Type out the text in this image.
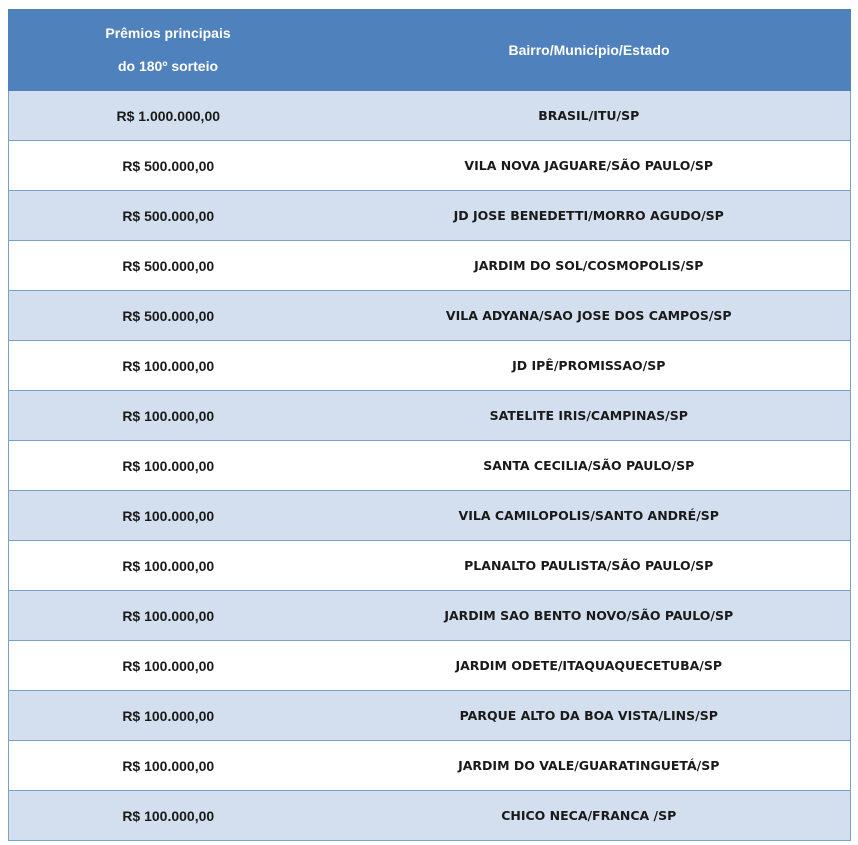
Prêmios principais
do 180º sorteio	Bairro/Município/Estado
R$ 1.000.000,00	BRASIL/ITU/SP
R$ 500.000,00	VILA NOVA JAGUARE/SÃO PAULO/SP
R$ 500.000,00	JD JOSE BENEDETTI/MORRO AGUDO/SP
R$ 500.000,00	JARDIM DO SOL/COSMOPOLIS/SP
R$ 500.000,00	VILA ADYANA/SAO JOSE DOS CAMPOS/SP
R$ 100.000,00	JD IPÊ/PROMISSAO/SP
R$ 100.000,00	SATELITE IRIS/CAMPINAS/SP
R$ 100.000,00	SANTA CECILIA/SÃO PAULO/SP
R$ 100.000,00	VILA CAMILOPOLIS/SANTO ANDRÉ/SP
R$ 100.000,00	PLANALTO PAULISTA/SÃO PAULO/SP
R$ 100.000,00	JARDIM SAO BENTO NOVO/SÃO PAULO/SP
R$ 100.000,00	JARDIM ODETE/ITAQUAQUECETUBA/SP
R$ 100.000,00	PARQUE ALTO DA BOA VISTA/LINS/SP
R$ 100.000,00	JARDIM DO VALE/GUARATINGUETÁ/SP
R$ 100.000,00	CHICO NECA/FRANCA /SP
